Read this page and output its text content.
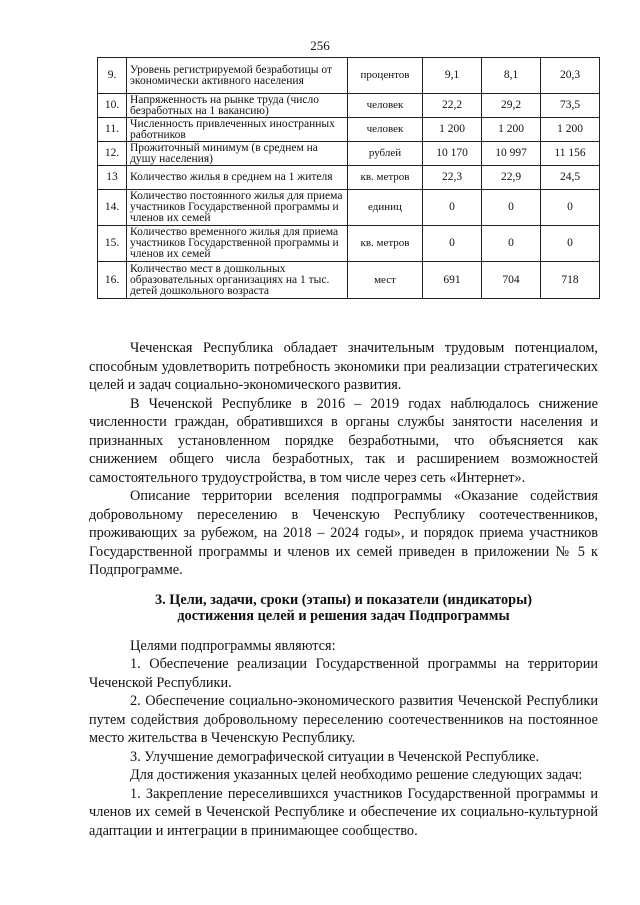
256
9.	Уровень регистрируемой безработицы от экономически активного населения	процентов	9,1	8,1	20,3
10.	Напряженность на рынке труда (число безработных на 1 вакансию)	человек	22,2	29,2	73,5
11.	Численность привлеченных иностранных работников	человек	1 200	1 200	1 200
12.	Прожиточный минимум (в среднем на душу населения)	рублей	10 170	10 997	11 156
13	Количество жилья в среднем на 1 жителя	кв. метров	22,3	22,9	24,5
14.	Количество постоянного жилья для приема участников Государственной программы и членов их семей	единиц	0	0	0
15.	Количество временного жилья для приема участников Государственной программы и членов их семей	кв. метров	0	0	0
16.	Количество мест в дошкольных образовательных организациях на 1 тыс. детей дошкольного возраста	мест	691	704	718

Чеченская Республика обладает значительным трудовым потенциалом, способным удовлетворить потребность экономики при реализации стратегических целей и задач социально-экономического развития.

В Чеченской Республике в 2016 – 2019 годах наблюдалось снижение численности граждан, обратившихся в органы службы занятости населения и признанных установленном порядке безработными, что объясняется как снижением общего числа безработных, так и расширением возможностей самостоятельного трудоустройства, в том числе через сеть «Интернет».

Описание территории вселения подпрограммы «Оказание содействия добровольному переселению в Чеченскую Республику соотечественников, проживающих за рубежом, на 2018 – 2024 годы», и порядок приема участников Государственной программы и членов их семей приведен в приложении № 5 к Подпрограмме.

3. Цели, задачи, сроки (этапы) и показатели (индикаторы)
достижения целей и решения задач Подпрограммы

Целями подпрограммы являются:

1. Обеспечение реализации Государственной программы на территории Чеченской Республики.

2. Обеспечение социально-экономического развития Чеченской Республики путем содействия добровольному переселению соотечественников на постоянное место жительства в Чеченскую Республику.

3. Улучшение демографической ситуации в Чеченской Республике.

Для достижения указанных целей необходимо решение следующих задач:

1. Закрепление переселившихся участников Государственной программы и членов их семей в Чеченской Республике и обеспечение их социально-культурной адаптации и интеграции в принимающее сообщество.
